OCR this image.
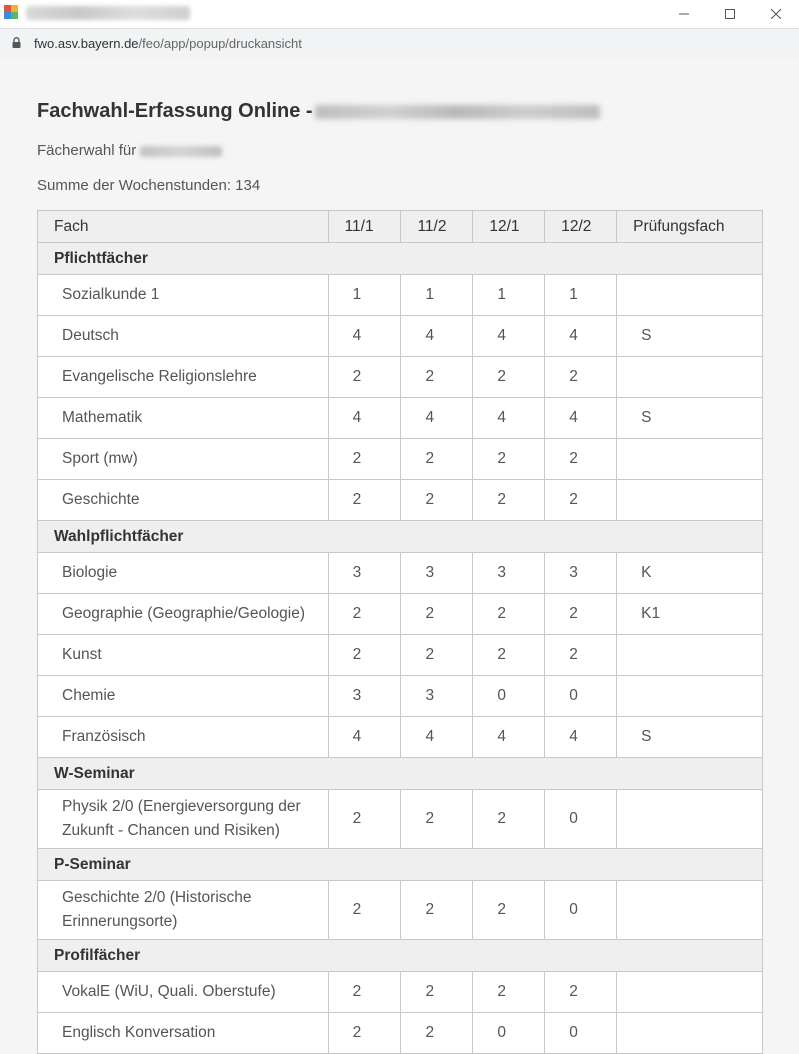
fwo.asv.bayern.de/feo/app/popup/druckansicht
Fachwahl-Erfassung Online -
Fächerwahl für
Summe der Wochenstunden: 134
Fach	11/1	11/2	12/1	12/2	Prüfungsfach
Pflichtfächer					
Sozialkunde 1	1	1	1	1	
Deutsch	4	4	4	4	S
Evangelische Religionslehre	2	2	2	2	
Mathematik	4	4	4	4	S
Sport (mw)	2	2	2	2	
Geschichte	2	2	2	2	
Wahlpflichtfächer					
Biologie	3	3	3	3	K
Geographie (Geographie/Geologie)	2	2	2	2	K1
Kunst	2	2	2	2	
Chemie	3	3	0	0	
Französisch	4	4	4	4	S
W-Seminar					
Physik 2/0 (Energieversorgung der Zukunft - Chancen und Risiken)	2	2	2	0	
P-Seminar					
Geschichte 2/0 (Historische Erinnerungsorte)	2	2	2	0	
Profilfächer					
VokalE (WiU, Quali. Oberstufe)	2	2	2	2	
Englisch Konversation	2	2	0	0	
